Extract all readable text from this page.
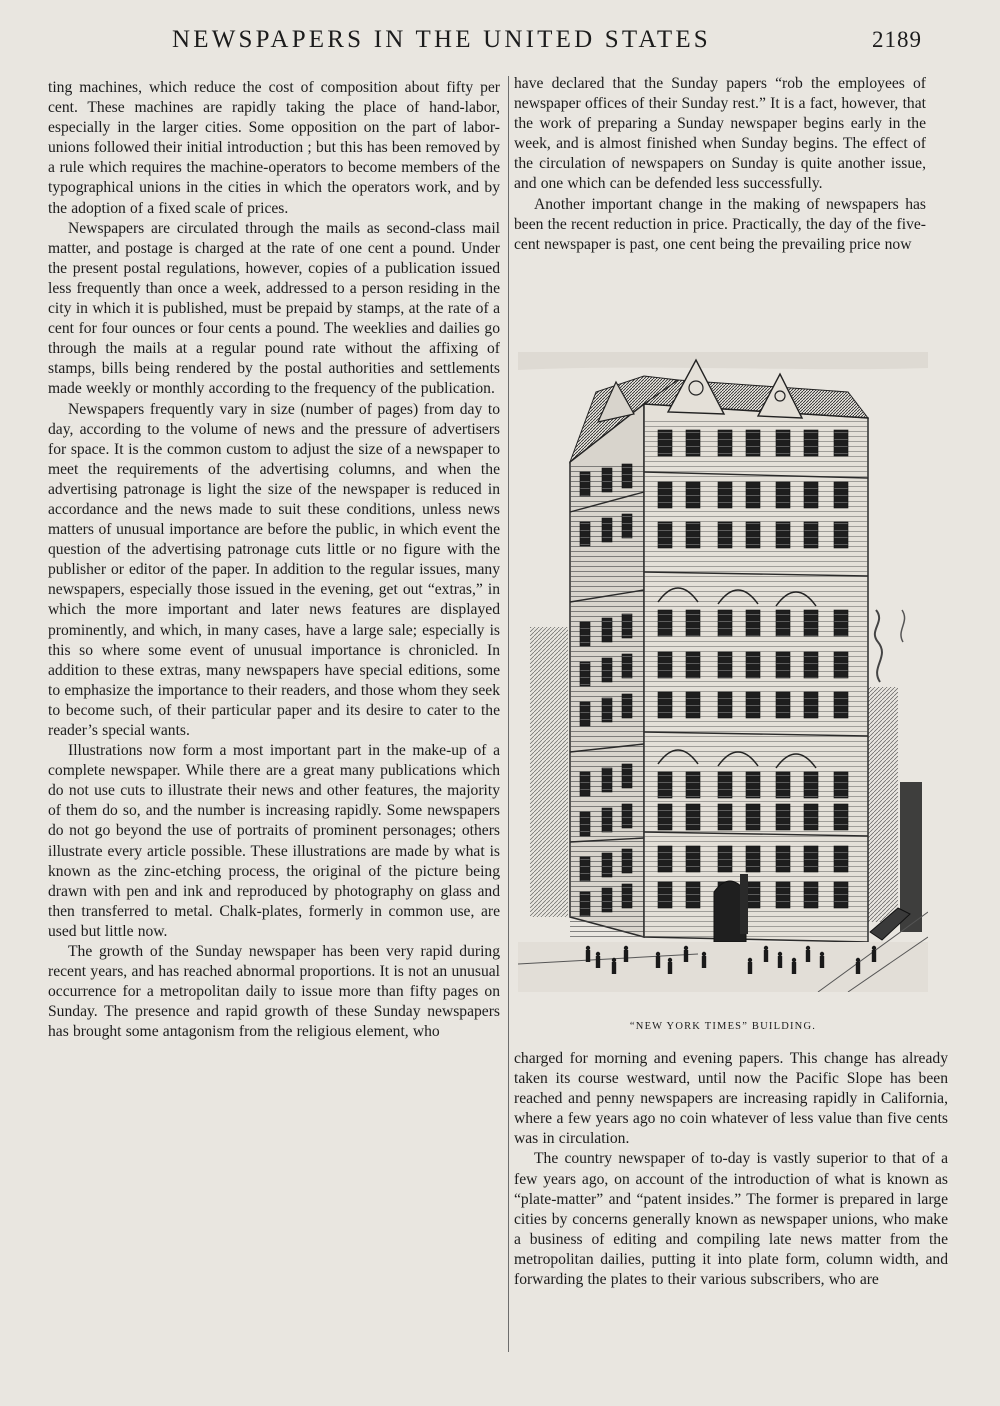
NEWSPAPERS IN THE UNITED STATES	2189

ting machines, which reduce the cost of composition about fifty per cent. These machines are rapidly taking the place of hand-labor, especially in the larger cities. Some opposition on the part of labor-unions followed their initial introduction ; but this has been removed by a rule which requires the machine-operators to become members of the typographical unions in the cities in which the operators work, and by the adoption of a fixed scale of prices.

Newspapers are circulated through the mails as second-class mail matter, and postage is charged at the rate of one cent a pound. Under the present postal regulations, however, copies of a publication issued less frequently than once a week, addressed to a person residing in the city in which it is published, must be prepaid by stamps, at the rate of a cent for four ounces or four cents a pound. The weeklies and dailies go through the mails at a regular pound rate without the affixing of stamps, bills being rendered by the postal authorities and settlements made weekly or monthly according to the frequency of the publication.

Newspapers frequently vary in size (number of pages) from day to day, according to the volume of news and the pressure of advertisers for space. It is the common custom to adjust the size of a newspaper to meet the requirements of the advertising columns, and when the advertising patronage is light the size of the newspaper is reduced in accordance and the news made to suit these conditions, unless news matters of unusual importance are before the public, in which event the question of the advertising patronage cuts little or no figure with the publisher or editor of the paper. In addition to the regular issues, many newspapers, especially those issued in the evening, get out “extras,” in which the more important and later news features are displayed prominently, and which, in many cases, have a large sale; especially is this so where some event of unusual importance is chronicled. In addition to these extras, many newspapers have special editions, some to emphasize the importance to their readers, and those whom they seek to become such, of their particular paper and its desire to cater to the reader’s special wants.

Illustrations now form a most important part in the make-up of a complete newspaper. While there are a great many publications which do not use cuts to illustrate their news and other features, the majority of them do so, and the number is increasing rapidly. Some newspapers do not go beyond the use of portraits of prominent personages; others illustrate every article possible. These illustrations are made by what is known as the zinc-etching process, the original of the picture being drawn with pen and ink and reproduced by photography on glass and then transferred to metal. Chalk-plates, formerly in common use, are used but little now.

The growth of the Sunday newspaper has been very rapid during recent years, and has reached abnormal proportions. It is not an unusual occurrence for a metropolitan daily to issue more than fifty pages on Sunday. The presence and rapid growth of these Sunday newspapers has brought some antagonism from the religious element, who

have declared that the Sunday papers “rob the employees of newspaper offices of their Sunday rest.” It is a fact, however, that the work of preparing a Sunday newspaper begins early in the week, and is almost finished when Sunday begins. The effect of the circulation of newspapers on Sunday is quite another issue, and one which can be defended less successfully.

Another important change in the making of newspapers has been the recent reduction in price. Practically, the day of the five-cent newspaper is past, one cent being the prevailing price now

“NEW YORK TIMES” BUILDING.

charged for morning and evening papers. This change has already taken its course westward, until now the Pacific Slope has been reached and penny newspapers are increasing rapidly in California, where a few years ago no coin whatever of less value than five cents was in circulation.

The country newspaper of to-day is vastly superior to that of a few years ago, on account of the introduction of what is known as “plate-matter” and “patent insides.” The former is prepared in large cities by concerns generally known as newspaper unions, who make a business of editing and compiling late news matter from the metropolitan dailies, putting it into plate form, column width, and forwarding the plates to their various subscribers, who are
